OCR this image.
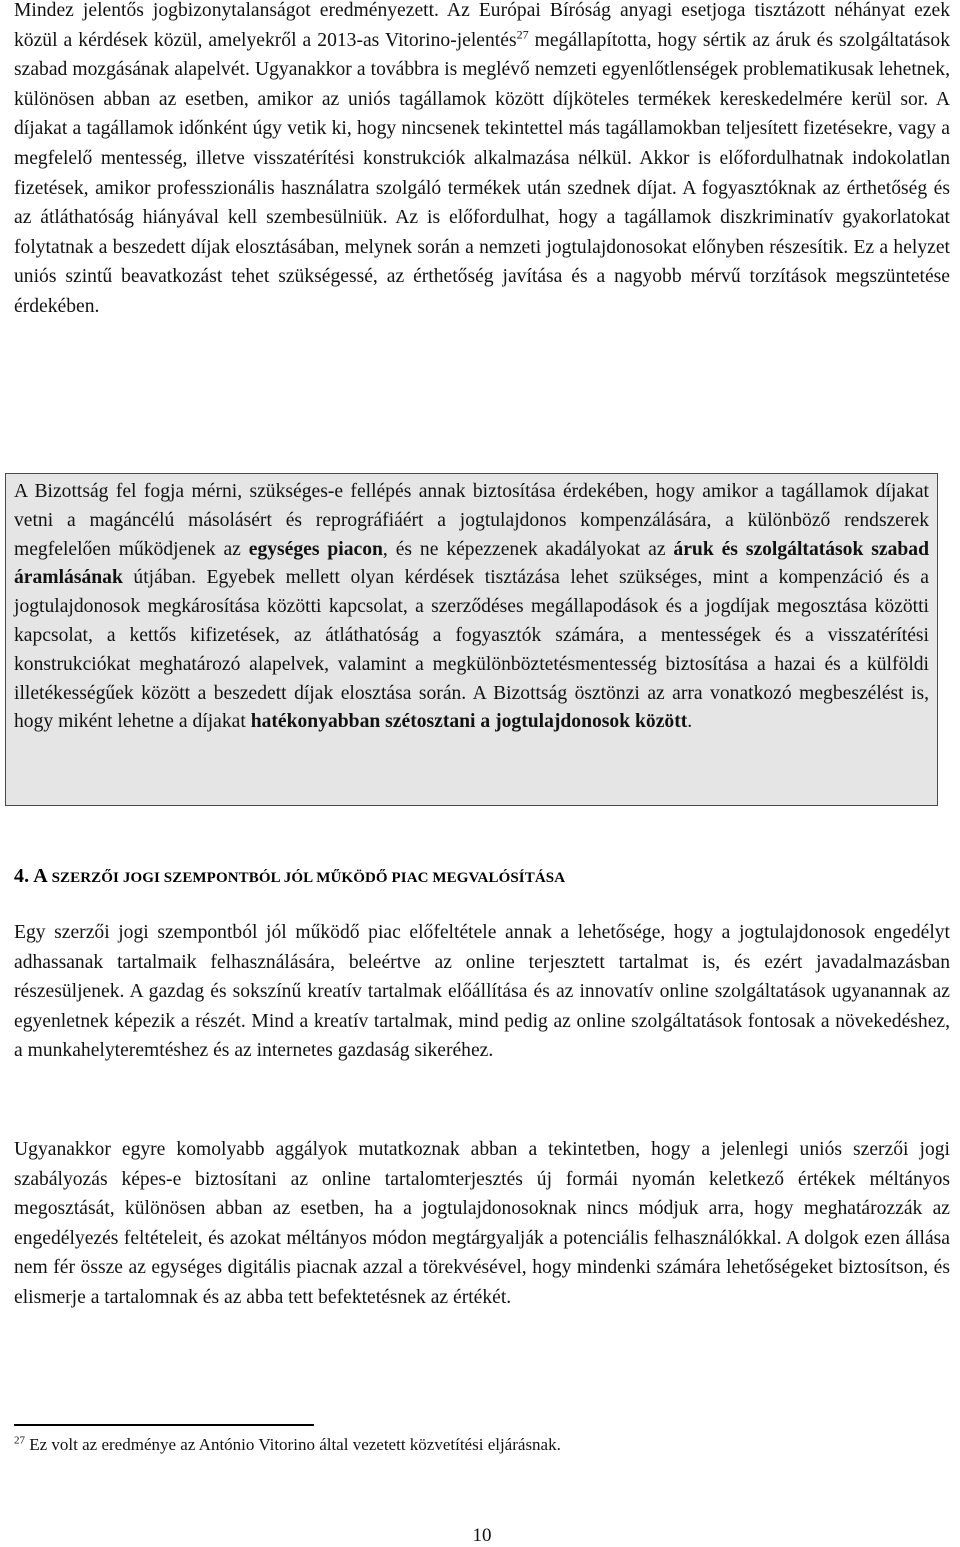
Mindez jelentős jogbizonytalanságot eredményezett. Az Európai Bíróság anyagi esetjoga tisztázott néhányat ezek közül a kérdések közül, amelyekről a 2013-as Vitorino-jelentés$^{27}$ megállapította, hogy sértik az áruk és szolgáltatások szabad mozgásának alapelvét. Ugyanakkor a továbbra is meglévő nemzeti egyenlőtlenségek problematikusak lehetnek, különösen abban az esetben, amikor az uniós tagállamok között díjköteles termékek kereskedelmére kerül sor. A díjakat a tagállamok időnként úgy vetik ki, hogy nincsenek tekintettel más tagállamokban teljesített fizetésekre, vagy a megfelelő mentesség, illetve visszatérítési konstrukciók alkalmazása nélkül. Akkor is előfordulhatnak indokolatlan fizetések, amikor professzionális használatra szolgáló termékek után szednek díjat. A fogyasztóknak az érthetőség és az átláthatóság hiányával kell szembesülniük. Az is előfordulhat, hogy a tagállamok diszkriminatív gyakorlatokat folytatnak a beszedett díjak elosztásában, melynek során a nemzeti jogtulajdonosokat előnyben részesítik. Ez a helyzet uniós szintű beavatkozást tehet szükségessé, az érthetőség javítása és a nagyobb mérvű torzítások megszüntetése érdekében.

A Bizottság fel fogja mérni, szükséges-e fellépés annak biztosítása érdekében, hogy amikor a tagállamok díjakat vetni a magáncélú másolásért és reprográfiáért a jogtulajdonos kompenzálására, a különböző rendszerek megfelelően működjenek az egységes piacon, és ne képezzenek akadályokat az áruk és szolgáltatások szabad áramlásának útjában. Egyebek mellett olyan kérdések tisztázása lehet szükséges, mint a kompenzáció és a jogtulajdonosok megkárosítása közötti kapcsolat, a szerződéses megállapodások és a jogdíjak megosztása közötti kapcsolat, a kettős kifizetések, az átláthatóság a fogyasztók számára, a mentességek és a visszatérítési konstrukciókat meghatározó alapelvek, valamint a megkülönböztetésmentesség biztosítása a hazai és a külföldi illetékességűek között a beszedett díjak elosztása során. A Bizottság ösztönzi az arra vonatkozó megbeszélést is, hogy miként lehetne a díjakat hatékonyabban szétosztani a jogtulajdonosok között.

4. A SZERZŐI JOGI SZEMPONTBÓL JÓL MŰKÖDŐ PIAC MEGVALÓSÍTÁSA

Egy szerzői jogi szempontból jól működő piac előfeltétele annak a lehetősége, hogy a jogtulajdonosok engedélyt adhassanak tartalmaik felhasználására, beleértve az online terjesztett tartalmat is, és ezért javadalmazásban részesüljenek. A gazdag és sokszínű kreatív tartalmak előállítása és az innovatív online szolgáltatások ugyanannak az egyenletnek képezik a részét. Mind a kreatív tartalmak, mind pedig az online szolgáltatások fontosak a növekedéshez, a munkahelyteremtéshez és az internetes gazdaság sikeréhez.

Ugyanakkor egyre komolyabb aggályok mutatkoznak abban a tekintetben, hogy a jelenlegi uniós szerzői jogi szabályozás képes-e biztosítani az online tartalomterjesztés új formái nyomán keletkező értékek méltányos megosztását, különösen abban az esetben, ha a jogtulajdonosoknak nincs módjuk arra, hogy meghatározzák az engedélyezés feltételeit, és azokat méltányos módon megtárgyalják a potenciális felhasználókkal. A dolgok ezen állása nem fér össze az egységes digitális piacnak azzal a törekvésével, hogy mindenki számára lehetőségeket biztosítson, és elismerje a tartalomnak és az abba tett befektetésnek az értékét.

$^{27}$ Ez volt az eredménye az António Vitorino által vezetett közvetítési eljárásnak.
10
